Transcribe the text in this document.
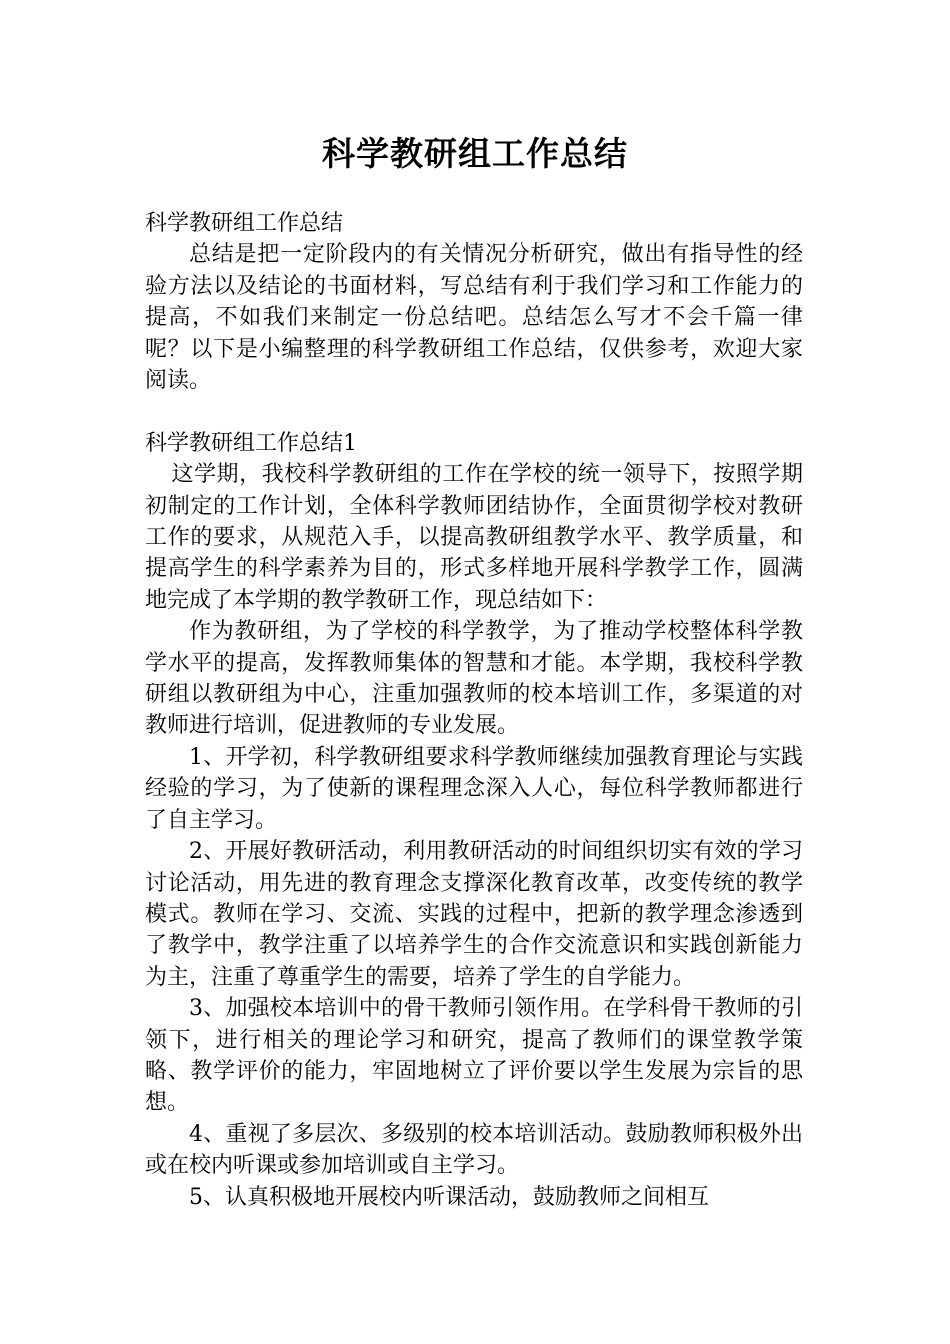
科学教研组工作总结

科学教研组工作总结

总结是把一定阶段内的有关情况分析研究，做出有指导性的经验方法以及结论的书面材料，写总结有利于我们学习和工作能力的提高，不如我们来制定一份总结吧。总结怎么写才不会千篇一律呢？以下是小编整理的科学教研组工作总结，仅供参考，欢迎大家阅读。

科学教研组工作总结1

这学期，我校科学教研组的工作在学校的统一领导下，按照学期初制定的工作计划，全体科学教师团结协作，全面贯彻学校对教研工作的要求，从规范入手，以提高教研组教学水平、教学质量，和提高学生的科学素养为目的，形式多样地开展科学教学工作，圆满地完成了本学期的教学教研工作，现总结如下：

作为教研组，为了学校的科学教学，为了推动学校整体科学教学水平的提高，发挥教师集体的智慧和才能。本学期，我校科学教研组以教研组为中心，注重加强教师的校本培训工作，多渠道的对教师进行培训，促进教师的专业发展。

1、开学初，科学教研组要求科学教师继续加强教育理论与实践经验的学习，为了使新的课程理念深入人心，每位科学教师都进行了自主学习。

2、开展好教研活动，利用教研活动的时间组织切实有效的学习讨论活动，用先进的教育理念支撑深化教育改革，改变传统的教学模式。教师在学习、交流、实践的过程中，把新的教学理念渗透到了教学中，教学注重了以培养学生的合作交流意识和实践创新能力为主，注重了尊重学生的需要，培养了学生的自学能力。

3、加强校本培训中的骨干教师引领作用。在学科骨干教师的引领下，进行相关的理论学习和研究，提高了教师们的课堂教学策略、教学评价的能力，牢固地树立了评价要以学生发展为宗旨的思想。

4、重视了多层次、多级别的校本培训活动。鼓励教师积极外出或在校内听课或参加培训或自主学习。

5、认真积极地开展校内听课活动，鼓励教师之间相互
